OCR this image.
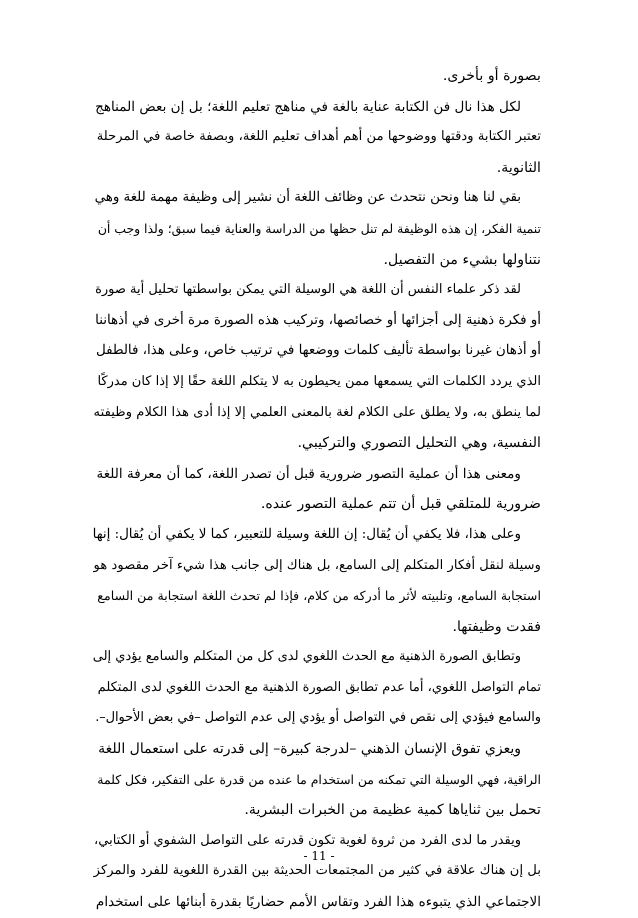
بصورة أو بأخرى.
لكل هذا نال فن الكتابة عناية بالغة في مناهج تعليم اللغة؛ بل إن بعض المناهج
تعتبر الكتابة ودقتها ووضوحها من أهم أهداف تعليم اللغة، وبصفة خاصة في المرحلة
الثانوية.
بقي لنا هنا ونحن نتحدث عن وظائف اللغة أن نشير إلى وظيفة مهمة للغة وهي
تنمية الفكر، إن هذه الوظيفة لم تنل حظها من الدراسة والعناية فيما سبق؛ ولذا وجب أن
نتناولها بشيء من التفصيل.
لقد ذكر علماء النفس أن اللغة هي الوسيلة التي يمكن بواسطتها تحليل أية صورة
أو فكرة ذهنية إلى أجزائها أو خصائصها، وتركيب هذه الصورة مرة أخرى في أذهاننا
أو أذهان غيرنا بواسطة تأليف كلمات ووضعها في ترتيب خاص، وعلى هذا، فالطفل
الذي يردد الكلمات التي يسمعها ممن يحيطون به لا يتكلم اللغة حقًا إلا إذا كان مدركًا
لما ينطق به، ولا يطلق على الكلام لغة بالمعنى العلمي إلا إذا أدى هذا الكلام وظيفته
النفسية، وهي التحليل التصوري والتركيبي.
ومعنى هذا أن عملية التصور ضرورية قبل أن تصدر اللغة، كما أن معرفة اللغة
ضرورية للمتلقي قبل أن تتم عملية التصور عنده.
وعلى هذا، فلا يكفي أن يُقال: إن اللغة وسيلة للتعبير، كما لا يكفي أن يُقال: إنها
وسيلة لنقل أفكار المتكلم إلى السامع، بل هناك إلى جانب هذا شيء آخر مقصود هو
استجابة السامع، وتلبيته لأثر ما أدركه من كلام، فإذا لم تحدث اللغة استجابة من السامع
فقدت وظيفتها.
وتطابق الصورة الذهنية مع الحدث اللغوي لدى كل من المتكلم والسامع يؤدي إلى
تمام التواصل اللغوي، أما عدم تطابق الصورة الذهنية مع الحدث اللغوي لدى المتكلم
والسامع فيؤدي إلى نقص في التواصل أو يؤدي إلى عدم التواصل –في بعض الأحوال–.
ويعزي تفوق الإنسان الذهني –لدرجة كبيرة– إلى قدرته على استعمال اللغة
الراقية، فهي الوسيلة التي تمكنه من استخدام ما عنده من قدرة على التفكير، فكل كلمة
تحمل بين ثناياها كمية عظيمة من الخبرات البشرية.
ويقدر ما لدى الفرد من ثروة لغوية تكون قدرته على التواصل الشفوي أو الكتابي،
بل إن هناك علاقة في كثير من المجتمعات الحديثة بين القدرة اللغوية للفرد والمركز
الاجتماعي الذي يتبوءه هذا الفرد وتقاس الأمم حضاريًا بقدرة أبنائها على استخدام
- 11 -
